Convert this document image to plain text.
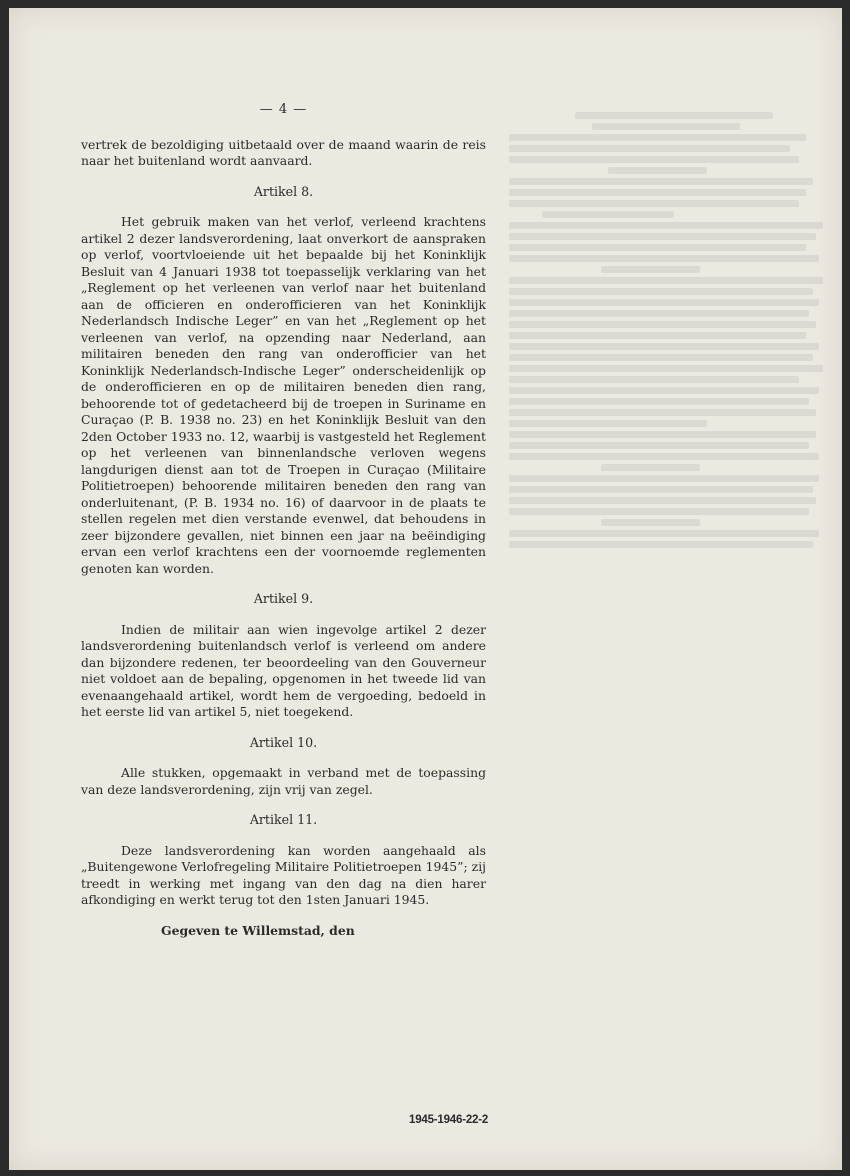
— 4 —

vertrek de bezoldiging uitbetaald over de maand waarin de reis naar het buitenland wordt aanvaard.

Artikel 8.

Het gebruik maken van het verlof, verleend krachtens artikel 2 dezer landsverordening, laat onverkort de aanspraken op verlof, voortvloeiende uit het bepaalde bij het Koninklijk Besluit van 4 Januari 1938 tot toepasselijk verklaring van het „Reglement op het verleenen van verlof naar het buitenland aan de officieren en onderofficieren van het Koninklijk Nederlandsch Indische Leger” en van het „Reglement op het verleenen van verlof, na opzending naar Nederland, aan militairen beneden den rang van onderofficier van het Koninklijk Nederlandsch-Indische Leger” onderscheidenlijk op de onderofficieren en op de militairen beneden dien rang, behoorende tot of gedetacheerd bij de troepen in Suriname en Curaçao (P. B. 1938 no. 23) en het Koninklijk Besluit van den 2den October 1933 no. 12, waarbij is vastgesteld het Reglement op het verleenen van binnenlandsche verloven wegens langdurigen dienst aan tot de Troepen in Curaçao (Militaire Politietroepen) behoorende militairen beneden den rang van onderluitenant, (P. B. 1934 no. 16) of daarvoor in de plaats te stellen regelen met dien verstande evenwel, dat behoudens in zeer bijzondere gevallen, niet binnen een jaar na beëindiging ervan een verlof krachtens een der voornoemde reglementen genoten kan worden.

Artikel 9.

Indien de militair aan wien ingevolge artikel 2 dezer landsverordening buitenlandsch verlof is verleend om andere dan bijzondere redenen, ter beoordeeling van den Gouverneur niet voldoet aan de bepaling, opgenomen in het tweede lid van evenaangehaald artikel, wordt hem de vergoeding, bedoeld in het eerste lid van artikel 5, niet toegekend.

Artikel 10.

Alle stukken, opgemaakt in verband met de toepassing van deze landsverordening, zijn vrij van zegel.

Artikel 11.

Deze landsverordening kan worden aangehaald als „Buitengewone Verlofregeling Militaire Politietroepen 1945”; zij treedt in werking met ingang van den dag na dien harer afkondiging en werkt terug tot den 1sten Januari 1945.

Gegeven te Willemstad, den
1945-1946-22-2
